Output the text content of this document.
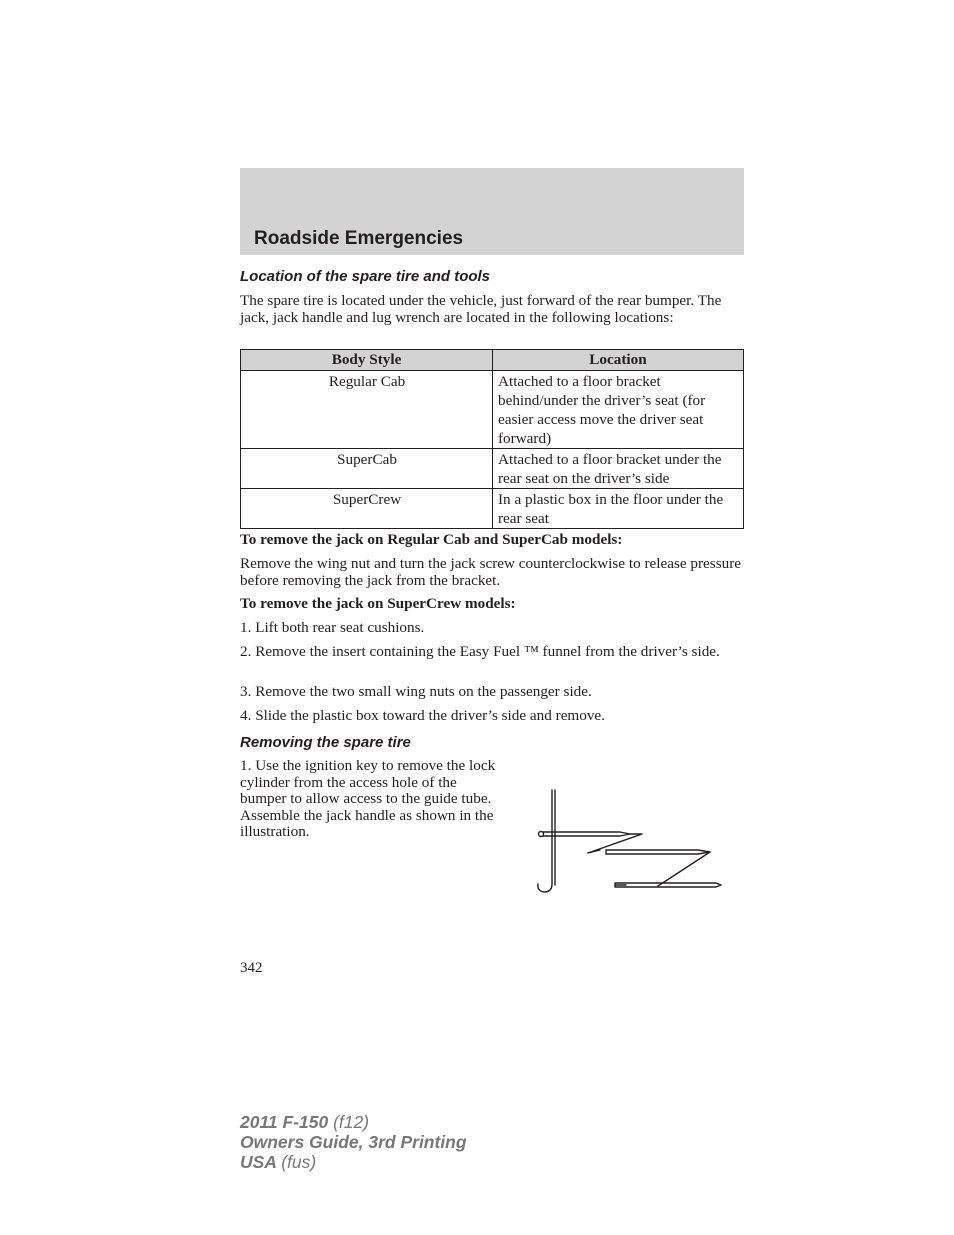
Roadside Emergencies
Location of the spare tire and tools
The spare tire is located under the vehicle, just forward of the rear bumper. The jack, jack handle and lug wrench are located in the following locations:
Body Style	Location
Regular Cab	Attached to a floor bracket behind/under the driver’s seat (for easier access move the driver seat forward)
SuperCab	Attached to a floor bracket under the rear seat on the driver’s side
SuperCrew	In a plastic box in the floor under the rear seat
To remove the jack on Regular Cab and SuperCab models:
Remove the wing nut and turn the jack screw counterclockwise to release pressure before removing the jack from the bracket.
To remove the jack on SuperCrew models:
1. Lift both rear seat cushions.
2. Remove the insert containing the Easy Fuel ™ funnel from the driver’s side.
3. Remove the two small wing nuts on the passenger side.
4. Slide the plastic box toward the driver’s side and remove.
Removing the spare tire
1. Use the ignition key to remove the lock cylinder from the access hole of the bumper to allow access to the guide tube. Assemble the jack handle as shown in the illustration.
342
2011 F-150 (f12)
Owners Guide, 3rd Printing
USA (fus)
